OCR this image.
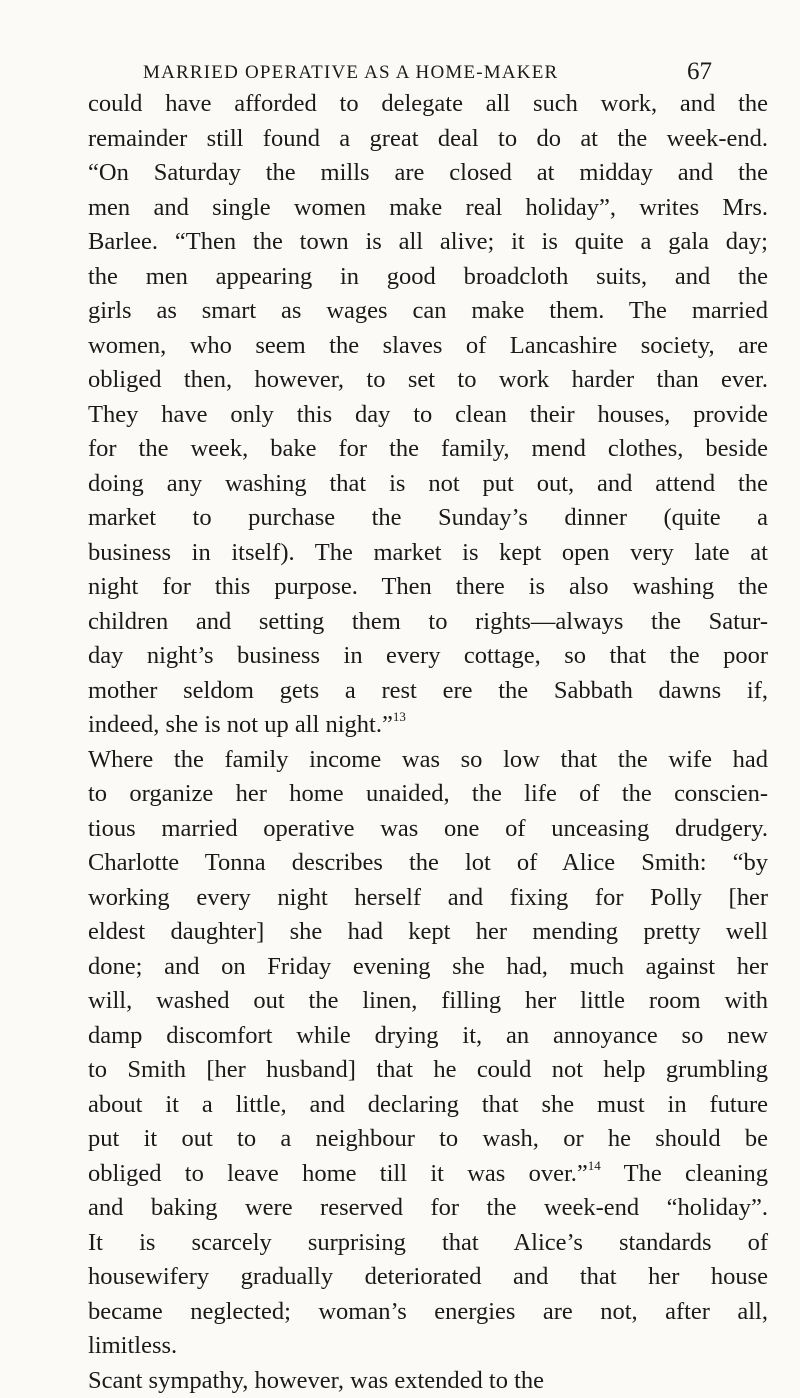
MARRIED OPERATIVE AS A HOME-MAKER	67
could have afforded to delegate all such work, and the
remainder still found a great deal to do at the week-end.
“On Saturday the mills are closed at midday and the
men and single women make real holiday”, writes Mrs.
Barlee. “Then the town is all alive; it is quite a gala day;
the men appearing in good broadcloth suits, and the
girls as smart as wages can make them. The married
women, who seem the slaves of Lancashire society, are
obliged then, however, to set to work harder than ever.
They have only this day to clean their houses, provide
for the week, bake for the family, mend clothes, beside
doing any washing that is not put out, and attend the
market to purchase the Sunday’s dinner (quite a
business in itself). The market is kept open very late at
night for this purpose. Then there is also washing the
children and setting them to rights—always the Satur-
day night’s business in every cottage, so that the poor
mother seldom gets a rest ere the Sabbath dawns if,
indeed, she is not up all night.”$^{13}$
Where the family income was so low that the wife had
to organize her home unaided, the life of the conscien-
tious married operative was one of unceasing drudgery.
Charlotte Tonna describes the lot of Alice Smith: “by
working every night herself and fixing for Polly [her
eldest daughter] she had kept her mending pretty well
done; and on Friday evening she had, much against her
will, washed out the linen, filling her little room with
damp discomfort while drying it, an annoyance so new
to Smith [her husband] that he could not help grumbling
about it a little, and declaring that she must in future
put it out to a neighbour to wash, or he should be
obliged to leave home till it was over.”$^{14}$ The cleaning
and baking were reserved for the week-end “holiday”.
It is scarcely surprising that Alice’s standards of
housewifery gradually deteriorated and that her house
became neglected; woman’s energies are not, after all,
limitless.
Scant sympathy, however, was extended to the
